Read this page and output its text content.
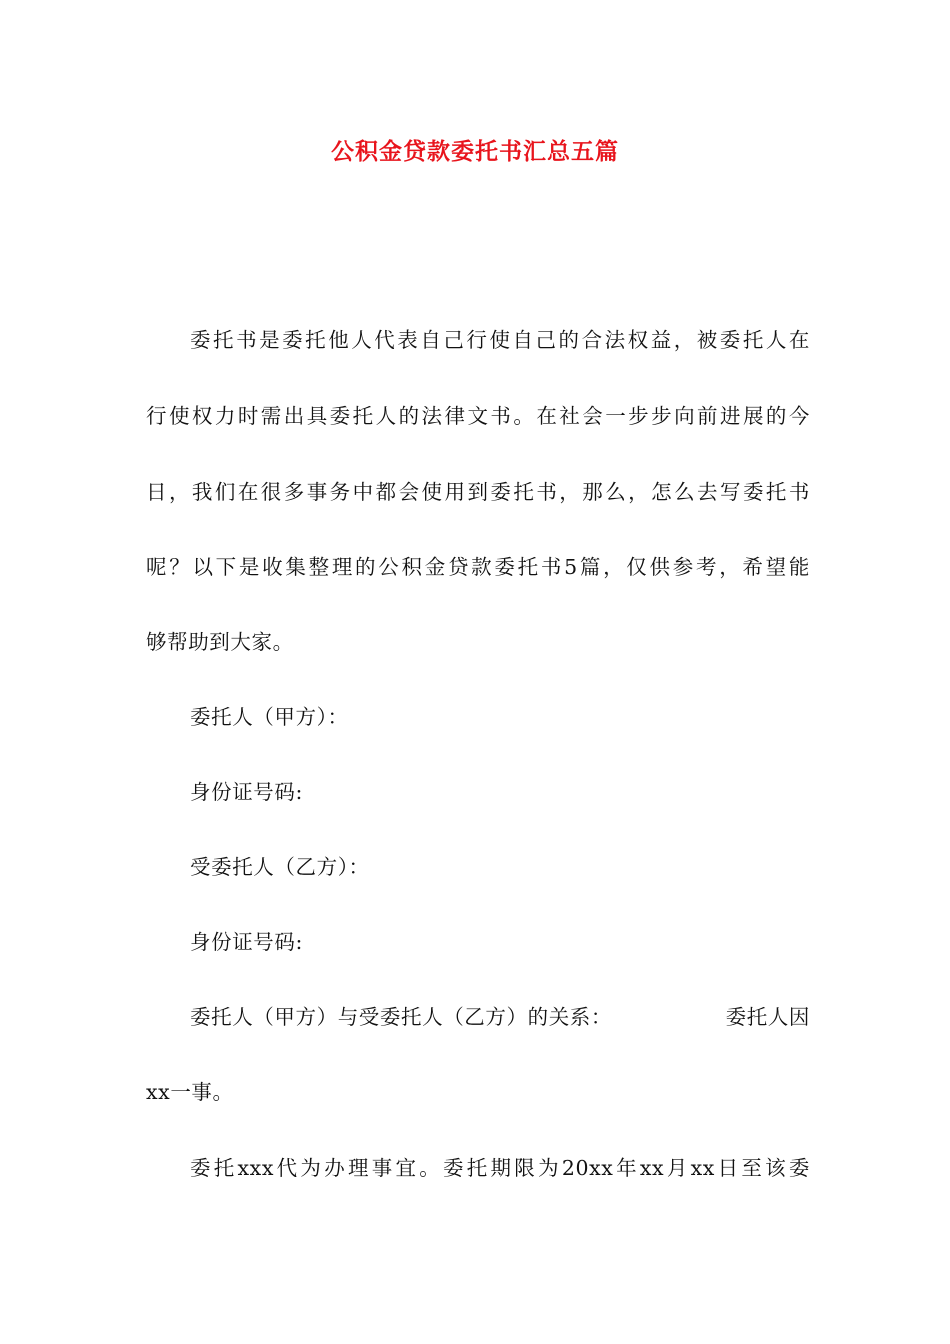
公积金贷款委托书汇总五篇
委托书是委托他人代表自己行使自己的合法权益，被委托人在
行使权力时需出具委托人的法律文书。在社会一步步向前进展的今
日，我们在很多事务中都会使用到委托书，那么，怎么去写委托书
呢？以下是收集整理的公积金贷款委托书5篇，仅供参考，希望能
够帮助到大家。
委托人（甲方）：
身份证号码:
受委托人（乙方）：
身份证号码:
委托人（甲方）与受委托人（乙方）的关系：	委托人因
xx一事。
委托xxx代为办理事宜。委托期限为20xx年xx月xx日至该委
